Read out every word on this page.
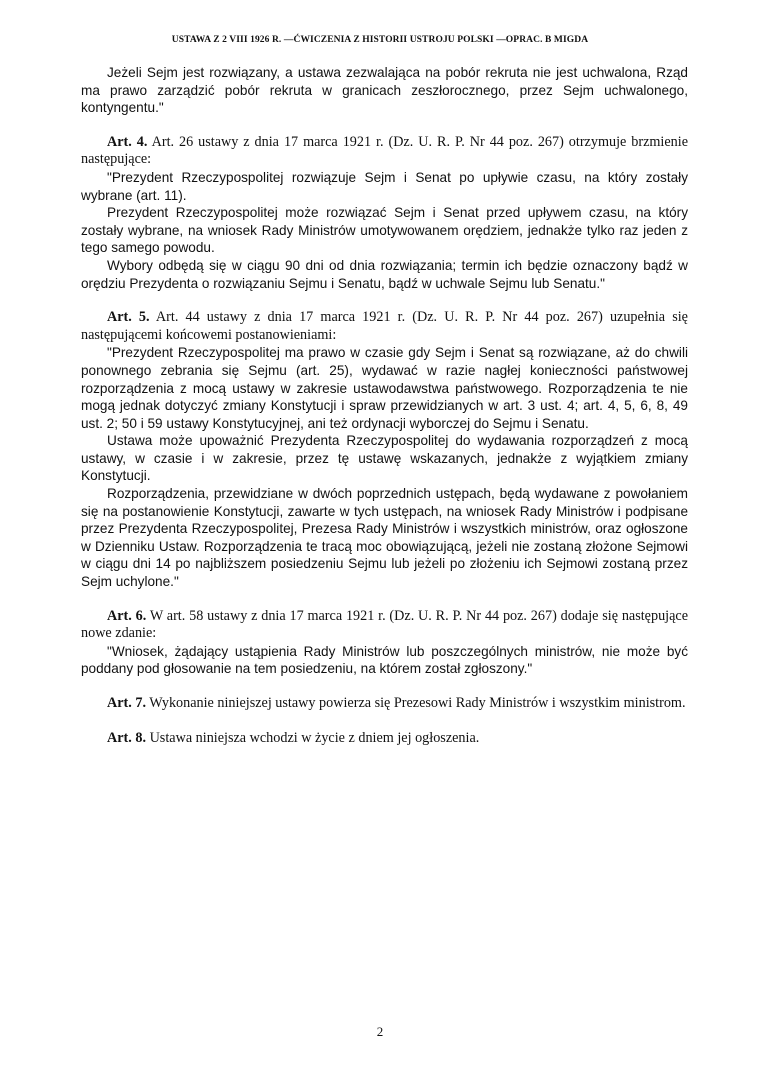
USTAWA Z 2 VIII 1926 R. —ĆWICZENIA Z HISTORII USTROJU POLSKI —OPRAC. B MIGDA

Jeżeli Sejm jest rozwiązany, a ustawa zezwalająca na pobór rekruta nie jest uchwalona, Rząd ma prawo zarządzić pobór rekruta w granicach zeszłorocznego, przez Sejm uchwalonego, kontyngentu."

Art. 4. Art. 26 ustawy z dnia 17 marca 1921 r. (Dz. U. R. P. Nr 44 poz. 267) otrzymuje brzmienie następujące:

"Prezydent Rzeczypospolitej rozwiązuje Sejm i Senat po upływie czasu, na który zostały wybrane (art. 11).

Prezydent Rzeczypospolitej może rozwiązać Sejm i Senat przed upływem czasu, na który zostały wybrane, na wniosek Rady Ministrów umotywowanem orędziem, jednakże tylko raz jeden z tego samego powodu.

Wybory odbędą się w ciągu 90 dni od dnia rozwiązania; termin ich będzie oznaczony bądź w orędziu Prezydenta o rozwiązaniu Sejmu i Senatu, bądź w uchwale Sejmu lub Senatu."

Art. 5. Art. 44 ustawy z dnia 17 marca 1921 r. (Dz. U. R. P. Nr 44 poz. 267) uzupełnia się następującemi końcowemi postanowieniami:

"Prezydent Rzeczypospolitej ma prawo w czasie gdy Sejm i Senat są rozwiązane, aż do chwili ponownego zebrania się Sejmu (art. 25), wydawać w razie nagłej konieczności państwowej rozporządzenia z mocą ustawy w zakresie ustawodawstwa państwowego. Rozporządzenia te nie mogą jednak dotyczyć zmiany Konstytucji i spraw przewidzianych w art. 3 ust. 4; art. 4, 5, 6, 8, 49 ust. 2; 50 i 59 ustawy Konstytucyjnej, ani też ordynacji wyborczej do Sejmu i Senatu.

Ustawa może upoważnić Prezydenta Rzeczypospolitej do wydawania rozporządzeń z mocą ustawy, w czasie i w zakresie, przez tę ustawę wskazanych, jednakże z wyjątkiem zmiany Konstytucji.

Rozporządzenia, przewidziane w dwóch poprzednich ustępach, będą wydawane z powołaniem się na postanowienie Konstytucji, zawarte w tych ustępach, na wniosek Rady Ministrów i podpisane przez Prezydenta Rzeczypospolitej, Prezesa Rady Ministrów i wszystkich ministrów, oraz ogłoszone w Dzienniku Ustaw. Rozporządzenia te tracą moc obowiązującą, jeżeli nie zostaną złożone Sejmowi w ciągu dni 14 po najbliższem posiedzeniu Sejmu lub jeżeli po złożeniu ich Sejmowi zostaną przez Sejm uchylone."

Art. 6. W art. 58 ustawy z dnia 17 marca 1921 r. (Dz. U. R. P. Nr 44 poz. 267) dodaje się następujące nowe zdanie:

"Wniosek, żądający ustąpienia Rady Ministrów lub poszczególnych ministrów, nie może być poddany pod głosowanie na tem posiedzeniu, na którem został zgłoszony."

Art. 7. Wykonanie niniejszej ustawy powierza się Prezesowi Rady Ministrów i wszystkim ministrom.

Art. 8. Ustawa niniejsza wchodzi w życie z dniem jej ogłoszenia.

2
